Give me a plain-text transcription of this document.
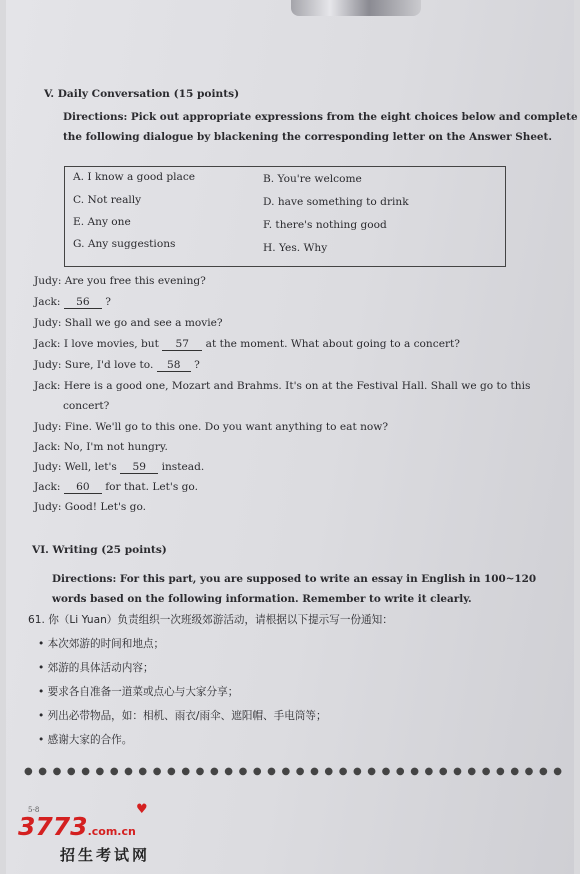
V. Daily Conversation (15 points)
Directions: Pick out appropriate expressions from the eight choices below and complete
the following dialogue by blackening the corresponding letter on the Answer Sheet.
A. I know a good place	B. You're welcome
C. Not really	D. have something to drink
E. Any one	F. there's nothing good
G. Any suggestions	H. Yes. Why
Judy: Are you free this evening?
Jack: 56 ?
Judy: Shall we go and see a movie?
Jack: I love movies, but 57 at the moment. What about going to a concert?
Judy: Sure, I'd love to. 58 ?
Jack: Here is a good one, Mozart and Brahms. It's on at the Festival Hall. Shall we go to this
concert?
Judy: Fine. We'll go to this one. Do you want anything to eat now?
Jack: No, I'm not hungry.
Judy: Well, let's 59 instead.
Jack: 60 for that. Let's go.
Judy: Good! Let's go.
VI. Writing (25 points)
Directions: For this part, you are supposed to write an essay in English in 100~120
words based on the following information. Remember to write it clearly.
61. 你（Li Yuan）负责组织一次班级郊游活动，请根据以下提示写一份通知：
• 本次郊游的时间和地点；
• 郊游的具体活动内容；
• 要求各自准备一道菜或点心与大家分享；
• 列出必带物品，如：相机、雨衣/雨伞、遮阳帽、手电筒等；
• 感谢大家的合作。
● ● ● ● ● ● ● ● ● ● ● ● ● ● ● ● ● ● ● ● ● ● ● ● ● ● ● ● ● ● ● ● ● ● ● ● ● ●
5-8	♥
3773.com.cn
招生考试网
